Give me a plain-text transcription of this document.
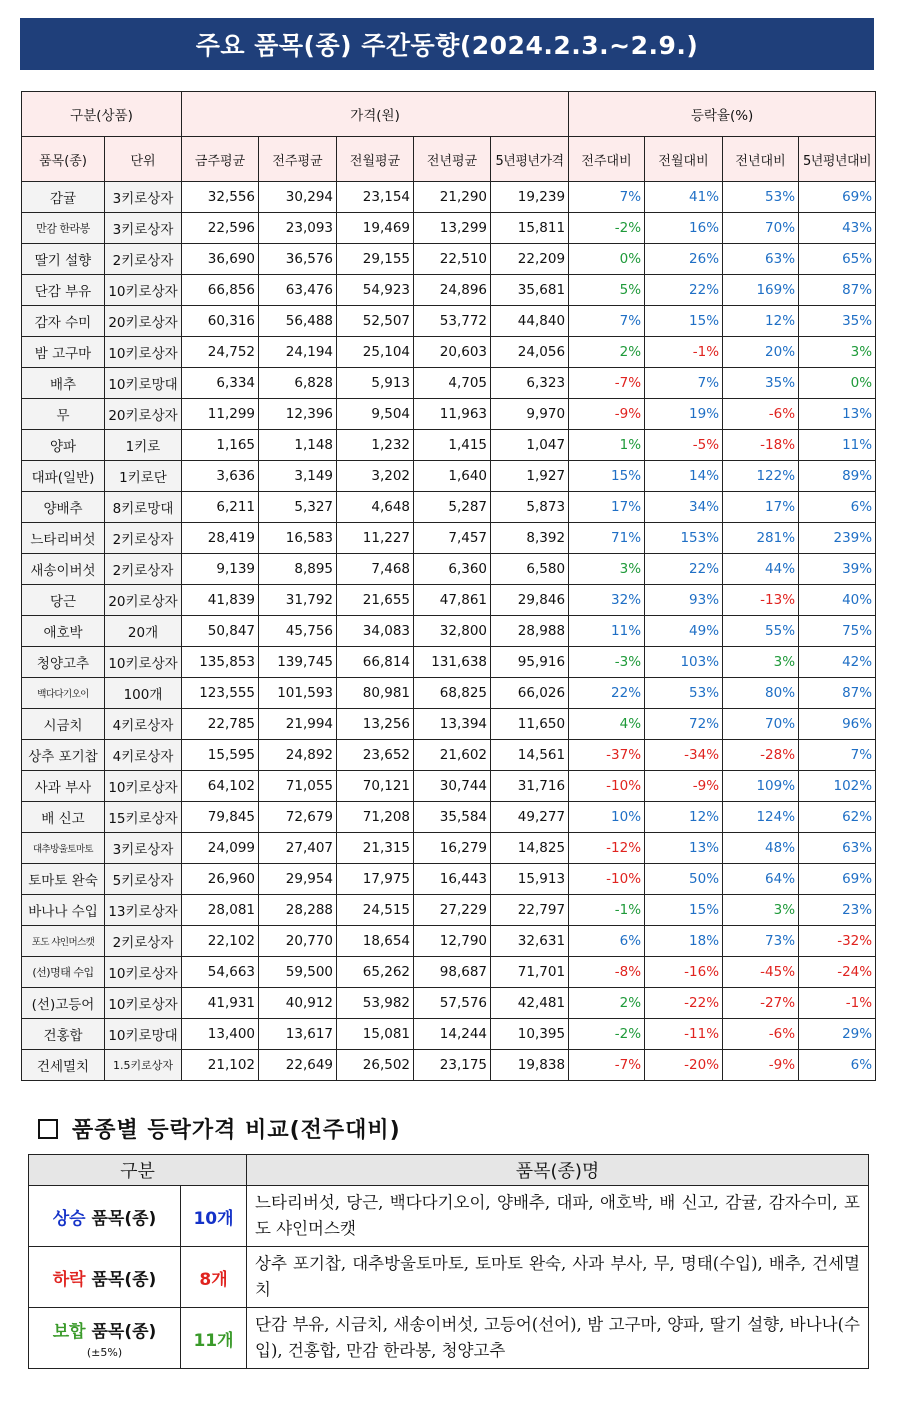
주요 품목(종) 주간동향(2024.2.3.~2.9.)
구분(상품)		가격(원)					등락율(%)			
품목(종)	단위	금주평균	전주평균	전월평균	전년평균	5년평년가격	전주대비	전월대비	전년대비	5년평년대비
감귤	3키로상자	32,556	30,294	23,154	21,290	19,239	7%	41%	53%	69%
만감 한라봉	3키로상자	22,596	23,093	19,469	13,299	15,811	-2%	16%	70%	43%
딸기 설향	2키로상자	36,690	36,576	29,155	22,510	22,209	0%	26%	63%	65%
단감 부유	10키로상자	66,856	63,476	54,923	24,896	35,681	5%	22%	169%	87%
감자 수미	20키로상자	60,316	56,488	52,507	53,772	44,840	7%	15%	12%	35%
밤 고구마	10키로상자	24,752	24,194	25,104	20,603	24,056	2%	-1%	20%	3%
배추	10키로망대	6,334	6,828	5,913	4,705	6,323	-7%	7%	35%	0%
무	20키로상자	11,299	12,396	9,504	11,963	9,970	-9%	19%	-6%	13%
양파	1키로	1,165	1,148	1,232	1,415	1,047	1%	-5%	-18%	11%
대파(일반)	1키로단	3,636	3,149	3,202	1,640	1,927	15%	14%	122%	89%
양배추	8키로망대	6,211	5,327	4,648	5,287	5,873	17%	34%	17%	6%
느타리버섯	2키로상자	28,419	16,583	11,227	7,457	8,392	71%	153%	281%	239%
새송이버섯	2키로상자	9,139	8,895	7,468	6,360	6,580	3%	22%	44%	39%
당근	20키로상자	41,839	31,792	21,655	47,861	29,846	32%	93%	-13%	40%
애호박	20개	50,847	45,756	34,083	32,800	28,988	11%	49%	55%	75%
청양고추	10키로상자	135,853	139,745	66,814	131,638	95,916	-3%	103%	3%	42%
백다다기오이	100개	123,555	101,593	80,981	68,825	66,026	22%	53%	80%	87%
시금치	4키로상자	22,785	21,994	13,256	13,394	11,650	4%	72%	70%	96%
상추 포기찹	4키로상자	15,595	24,892	23,652	21,602	14,561	-37%	-34%	-28%	7%
사과 부사	10키로상자	64,102	71,055	70,121	30,744	31,716	-10%	-9%	109%	102%
배 신고	15키로상자	79,845	72,679	71,208	35,584	49,277	10%	12%	124%	62%
대추방울토마토	3키로상자	24,099	27,407	21,315	16,279	14,825	-12%	13%	48%	63%
토마토 완숙	5키로상자	26,960	29,954	17,975	16,443	15,913	-10%	50%	64%	69%
바나나 수입	13키로상자	28,081	28,288	24,515	27,229	22,797	-1%	15%	3%	23%
포도 샤인머스캣	2키로상자	22,102	20,770	18,654	12,790	32,631	6%	18%	73%	-32%
(선)명태 수입	10키로상자	54,663	59,500	65,262	98,687	71,701	-8%	-16%	-45%	-24%
(선)고등어	10키로상자	41,931	40,912	53,982	57,576	42,481	2%	-22%	-27%	-1%
건홍합	10키로망대	13,400	13,617	15,081	14,244	10,395	-2%	-11%	-6%	29%
건세멸치	1.5키로상자	21,102	22,649	26,502	23,175	19,838	-7%	-20%	-9%	6%
품종별 등락가격 비교(전주대비)
구분		품목(종)명
상승 품목(종)	10개	느타리버섯, 당근, 백다다기오이, 양배추, 대파, 애호박, 배 신고, 감귤, 감자수미, 포도 샤인머스캣
하락 품목(종)	8개	상추 포기찹, 대추방울토마토, 토마토 완숙, 사과 부사, 무, 명태(수입), 배추, 건세멸치
보합 품목(종)
(±5%)	11개	단감 부유, 시금치, 새송이버섯, 고등어(선어), 밤 고구마, 양파, 딸기 설향, 바나나(수입), 건홍합, 만감 한라봉, 청양고추
